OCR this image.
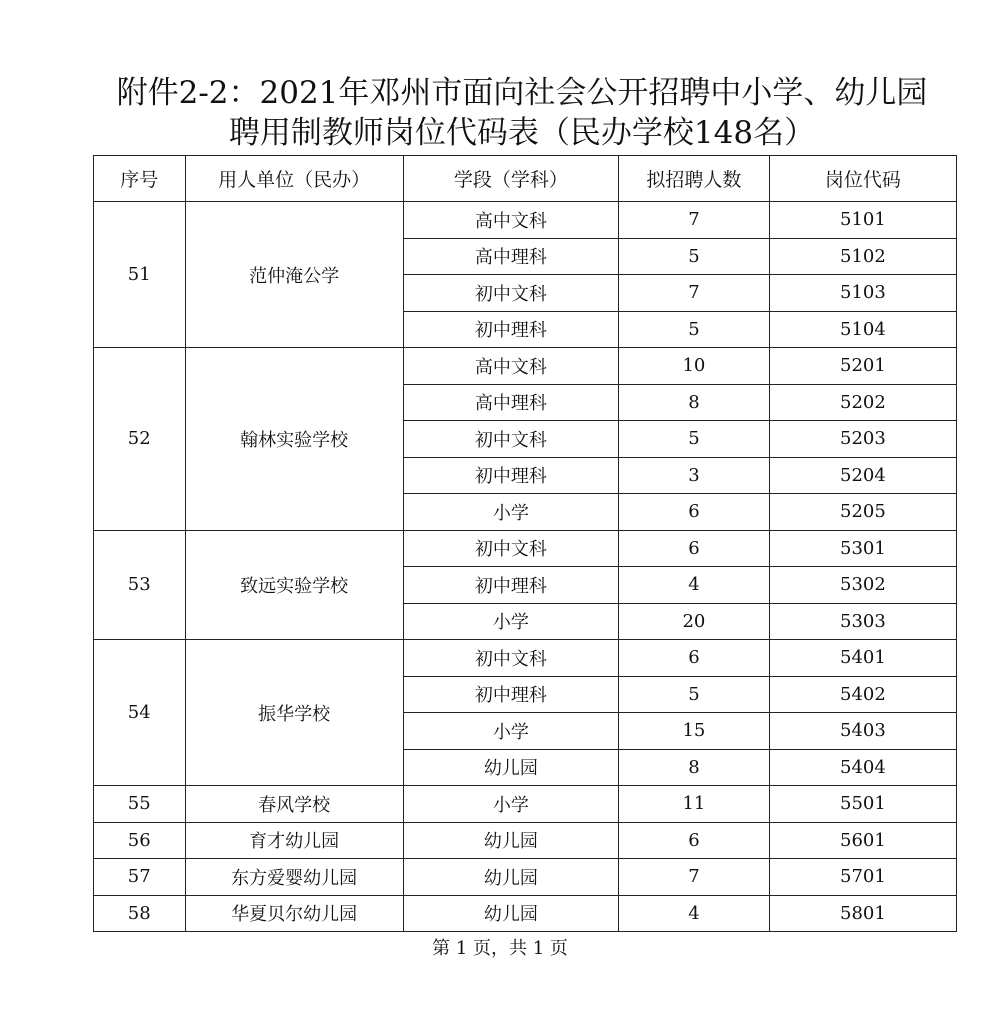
附件2-2：2021年邓州市面向社会公开招聘中小学、幼儿园
聘用制教师岗位代码表（民办学校148名）
序号	用人单位（民办）	学段（学科）	拟招聘人数	岗位代码
51	范仲淹公学	高中文科	7	5101
		高中理科	5	5102
		初中文科	7	5103
		初中理科	5	5104
52	翰林实验学校	高中文科	10	5201
		高中理科	8	5202
		初中文科	5	5203
		初中理科	3	5204
		小学	6	5205
53	致远实验学校	初中文科	6	5301
		初中理科	4	5302
		小学	20	5303
54	振华学校	初中文科	6	5401
		初中理科	5	5402
		小学	15	5403
		幼儿园	8	5404
55	春风学校	小学	11	5501
56	育才幼儿园	幼儿园	6	5601
57	东方爱婴幼儿园	幼儿园	7	5701
58	华夏贝尔幼儿园	幼儿园	4	5801
第 1 页，共 1 页
